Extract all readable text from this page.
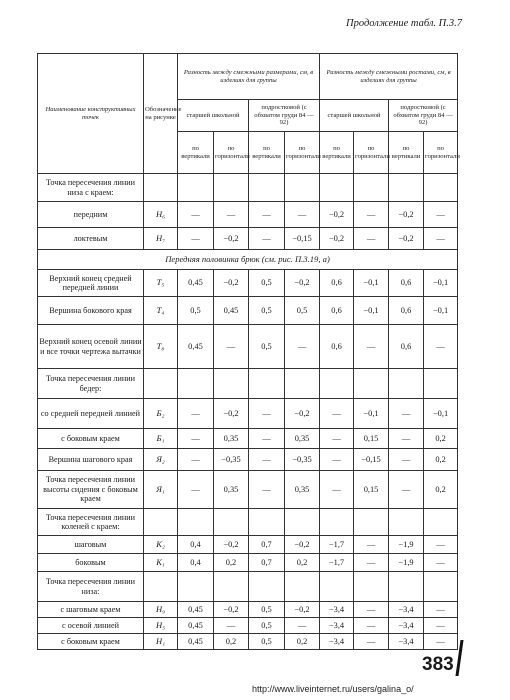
Продолжение табл. П.3.7
Наименование конструктивных точек	Обозначение на рисунке	Разность между смежными размерами, см, в изделиях для группы				Разность между смежными ростами, см, в изделиях для группы			
		старшей школьной		подростковой (с обхватом груди 84 — 92)		старшей школьной		подростковой (с обхватом груди 84 — 92)	
		по вертикали	по горизонтали	по вертикали	по горизонтали	по вертикали	по горизонтали	по вертикали	по горизонтали
Точка пересечения линии низа с краем:									
передним	Н₆	—	—	—	—	−0,2	—	−0,2	—
локтевым	Н₇	—	−0,2	—	−0,15	−0,2	—	−0,2	—
Передняя половинка брюк (см. рис. П.3.19, а)									
Верхний конец средней передней линии	Т₅	0,45	−0,2	0,5	−0,2	0,6	−0,1	0,6	−0,1
Вершина бокового края	Т₄	0,5	0,45	0,5	0,5	0,6	−0,1	0,6	−0,1
Верхний конец осевой линии и все точки чертежа вытачки	Т₈	0,45	—	0,5	—	0,6	—	0,6	—
Точка пересечения линии бедер:									
со средней передней линией	Б₂	—	−0,2	—	−0,2	—	−0,1	—	−0,1
с боковым краем	Б₁	—	0,35	—	0,35	—	0,15	—	0,2
Вершина шагового края	Я₂	—	−0,35	—	−0,35	—	−0,15	—	0,2
Точка пересечения линии высоты сидения с боковым краем	Я₁	—	0,35	—	0,35	—	0,15	—	0,2
Точка пересечения линии коленей с краем:									
шаговым	К₂	0,4	−0,2	0,7	−0,2	−1,7	—	−1,9	—
боковым	К₁	0,4	0,2	0,7	0,2	−1,7	—	−1,9	—
Точка пересечения линии низа:									
с шаговым краем	Н₉	0,45	−0,2	0,5	−0,2	−3,4	—	−3,4	—
с осевой линией	Н₅	0,45	—	0,5	—	−3,4	—	−3,4	—
с боковым краем	Н₁	0,45	0,2	0,5	0,2	−3,4	—	−3,4	—
383
http://www.liveinternet.ru/users/galina_o/
